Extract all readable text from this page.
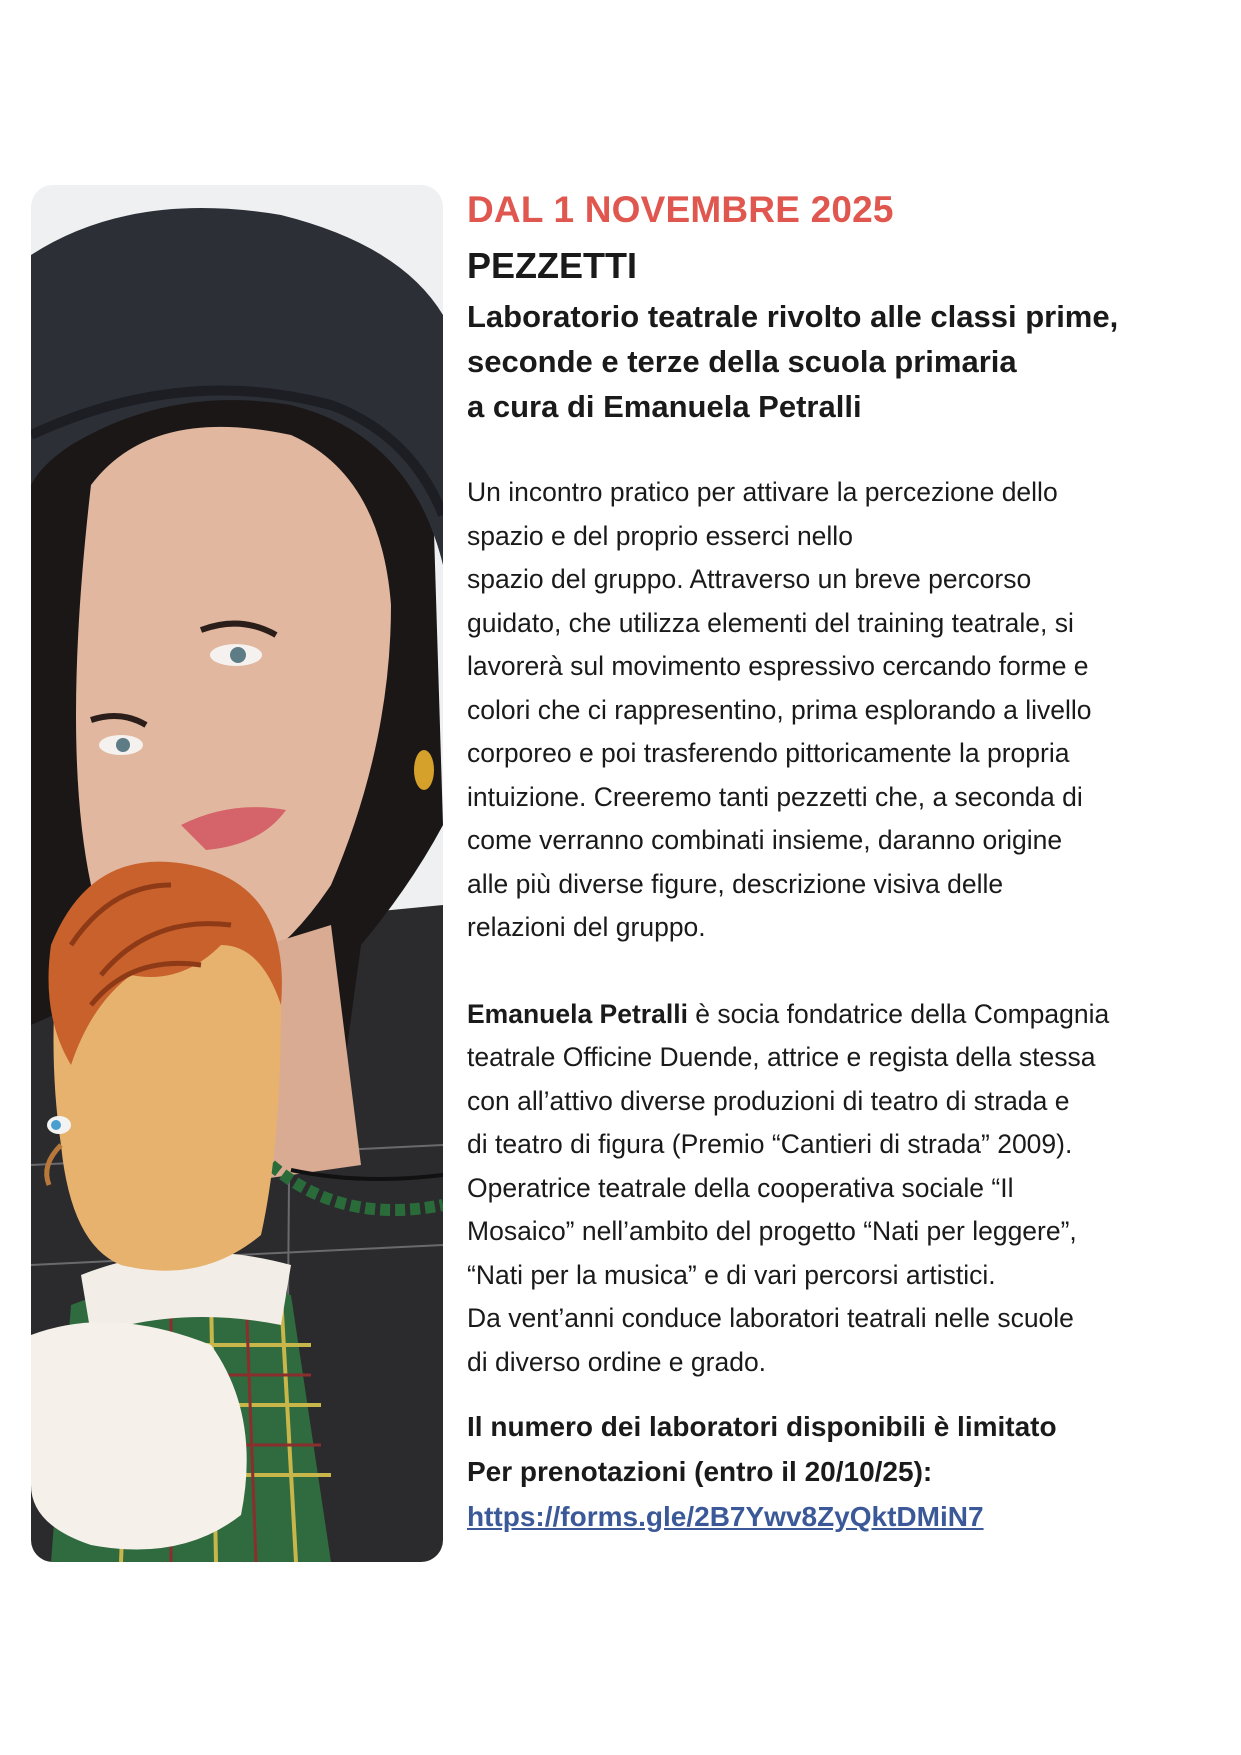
DAL 1 NOVEMBRE 2025

PEZZETTI

Laboratorio teatrale rivolto alle classi prime,
seconde e terze della scuola primaria
a cura di Emanuela Petralli

Un incontro pratico per attivare la percezione dello
spazio e del proprio esserci nello
spazio del gruppo. Attraverso un breve percorso
guidato, che utilizza elementi del training teatrale, si
lavorerà sul movimento espressivo cercando forme e
colori che ci rappresentino, prima esplorando a livello
corporeo e poi trasferendo pittoricamente la propria
intuizione. Creeremo tanti pezzetti che, a seconda di
come verranno combinati insieme, daranno origine
alle più diverse figure, descrizione visiva delle
relazioni del gruppo.

Emanuela Petralli è socia fondatrice della Compagnia
teatrale Officine Duende, attrice e regista della stessa
con all’attivo diverse produzioni di teatro di strada e
di teatro di figura (Premio “Cantieri di strada” 2009).
Operatrice teatrale della cooperativa sociale “Il
Mosaico” nell’ambito del progetto “Nati per leggere”,
“Nati per la musica” e di vari percorsi artistici.
Da vent’anni conduce laboratori teatrali nelle scuole
di diverso ordine e grado.

Il numero dei laboratori disponibili è limitato
Per prenotazioni (entro il 20/10/25):
https://forms.gle/2B7Ywv8ZyQktDMiN7
